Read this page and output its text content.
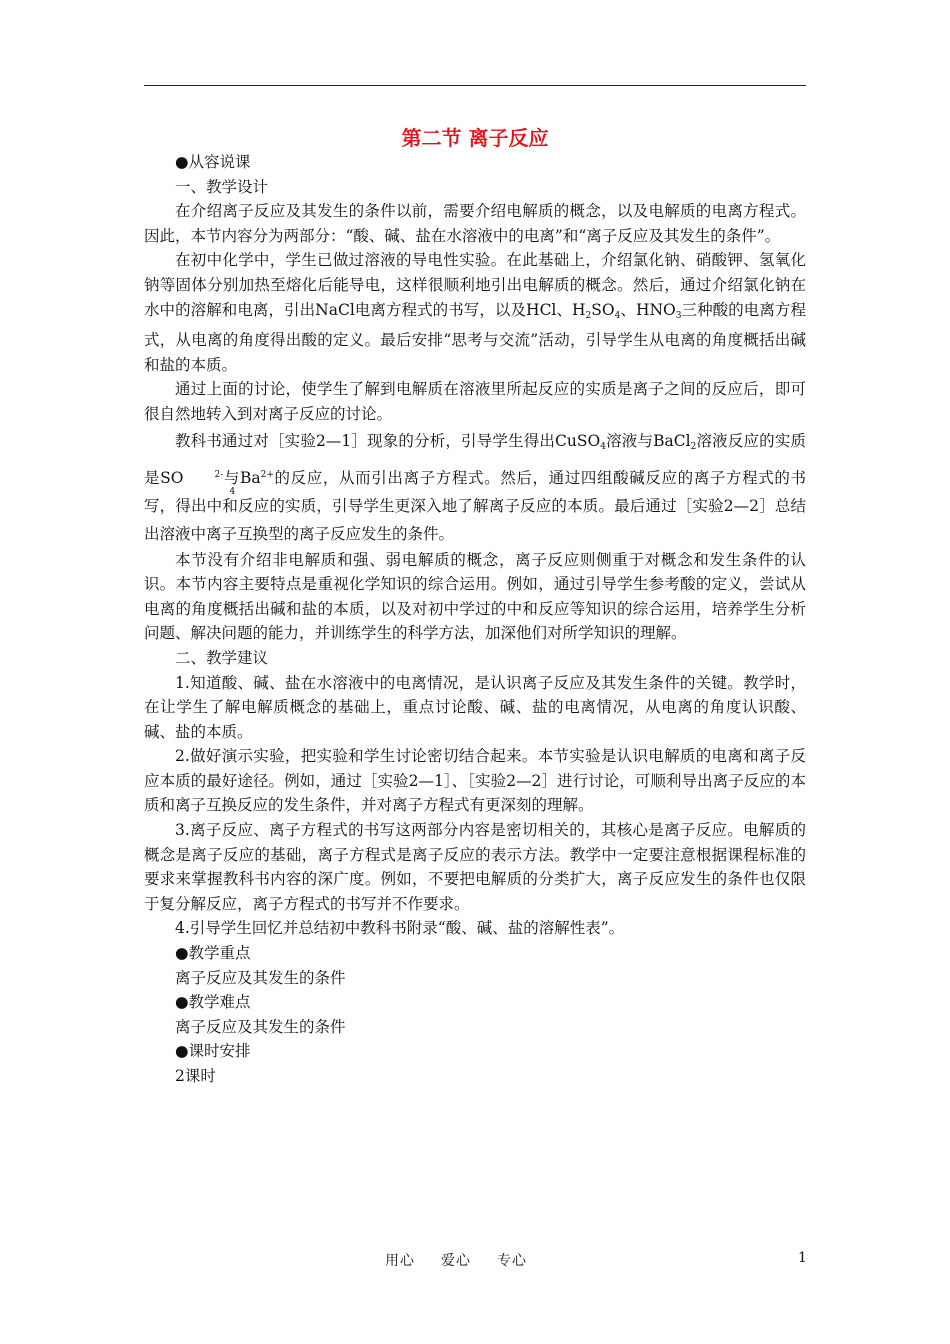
第二节 离子反应

●从容说课

一、教学设计

在介绍离子反应及其发生的条件以前，需要介绍电解质的概念，以及电解质的电离方程式。因此，本节内容分为两部分：“酸、碱、盐在水溶液中的电离”和“离子反应及其发生的条件”。

在初中化学中，学生已做过溶液的导电性实验。在此基础上，介绍氯化钠、硝酸钾、氢氧化钠等固体分别加热至熔化后能导电，这样很顺利地引出电解质的概念。然后，通过介绍氯化钠在水中的溶解和电离，引出NaCl电离方程式的书写，以及HCl、$H_2SO_4$、$HNO_3$三种酸的电离方程式，从电离的角度得出酸的定义。最后安排“思考与交流”活动，引导学生从电离的角度概括出碱和盐的本质。

通过上面的讨论，使学生了解到电解质在溶液里所起反应的实质是离子之间的反应后，即可很自然地转入到对离子反应的讨论。

教科书通过对［实验2—1］现象的分析，引导学生得出CuSO$_4$溶液与BaCl$_2$溶液反应的实质是SO	$^{2-}$
4
与$Ba^{2+}$的反应，从而引出离子方程式。然后，通过四组酸碱反应的离子方程式的书写，得出中和反应的实质，引导学生更深入地了解离子反应的本质。最后通过［实验2—2］总结出溶液中离子互换型的离子反应发生的条件。

本节没有介绍非电解质和强、弱电解质的概念，离子反应则侧重于对概念和发生条件的认识。本节内容主要特点是重视化学知识的综合运用。例如，通过引导学生参考酸的定义，尝试从电离的角度概括出碱和盐的本质，以及对初中学过的中和反应等知识的综合运用，培养学生分析问题、解决问题的能力，并训练学生的科学方法，加深他们对所学知识的理解。

二、教学建议

1.知道酸、碱、盐在水溶液中的电离情况，是认识离子反应及其发生条件的关键。教学时，在让学生了解电解质概念的基础上，重点讨论酸、碱、盐的电离情况，从电离的角度认识酸、碱、盐的本质。

2.做好演示实验，把实验和学生讨论密切结合起来。本节实验是认识电解质的电离和离子反应本质的最好途径。例如，通过［实验2—1］、［实验2—2］进行讨论，可顺利导出离子反应的本质和离子互换反应的发生条件，并对离子方程式有更深刻的理解。

3.离子反应、离子方程式的书写这两部分内容是密切相关的，其核心是离子反应。电解质的概念是离子反应的基础，离子方程式是离子反应的表示方法。教学中一定要注意根据课程标准的要求来掌握教科书内容的深广度。例如，不要把电解质的分类扩大，离子反应发生的条件也仅限于复分解反应，离子方程式的书写并不作要求。

4.引导学生回忆并总结初中教科书附录“酸、碱、盐的溶解性表”。

●教学重点

离子反应及其发生的条件

●教学难点

离子反应及其发生的条件

●课时安排

2课时

用心 爱心 专心	1
